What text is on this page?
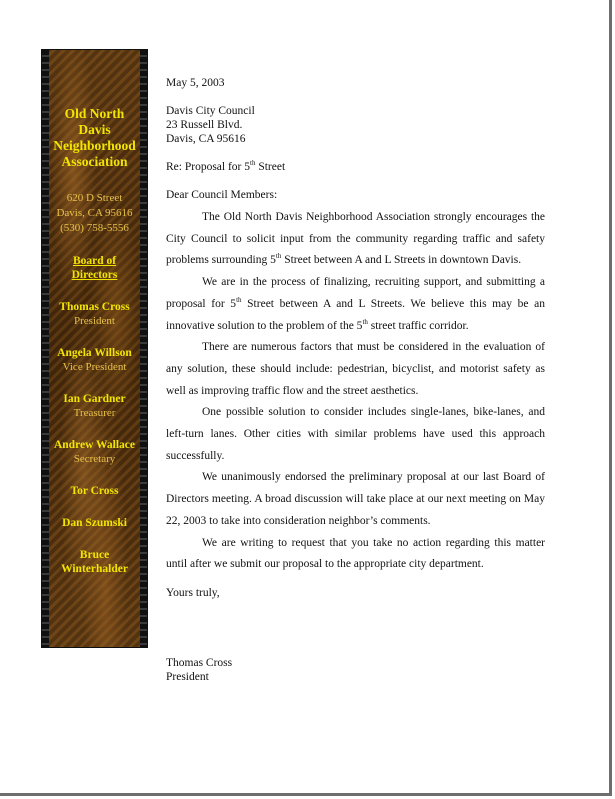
Old North
Davis
Neighborhood
Association
620 D Street
Davis, CA 95616
(530) 758-5556
Board of
Directors
Thomas Cross
President
Angela Willson
Vice President
Ian Gardner
Treasurer
Andrew Wallace
Secretary
Tor Cross
Dan Szumski
Bruce
Winterhalder
May 5, 2003
Davis City Council
23 Russell Blvd.
Davis, CA 95616
Re: Proposal for 5th Street
Dear Council Members:
The Old North Davis Neighborhood Association strongly encourages the City Council to solicit input from the community regarding traffic and safety problems surrounding 5th Street between A and L Streets in downtown Davis.
We are in the process of finalizing, recruiting support, and submitting a proposal for 5th Street between A and L Streets. We believe this may be an innovative solution to the problem of the 5th street traffic corridor.
There are numerous factors that must be considered in the evaluation of any solution, these should include: pedestrian, bicyclist, and motorist safety as well as improving traffic flow and the street aesthetics.
One possible solution to consider includes single-lanes, bike-lanes, and left-turn lanes. Other cities with similar problems have used this approach successfully.
We unanimously endorsed the preliminary proposal at our last Board of Directors meeting. A broad discussion will take place at our next meeting on May 22, 2003 to take into consideration neighbor’s comments.
We are writing to request that you take no action regarding this matter until after we submit our proposal to the appropriate city department.
Yours truly,
Thomas Cross
President
